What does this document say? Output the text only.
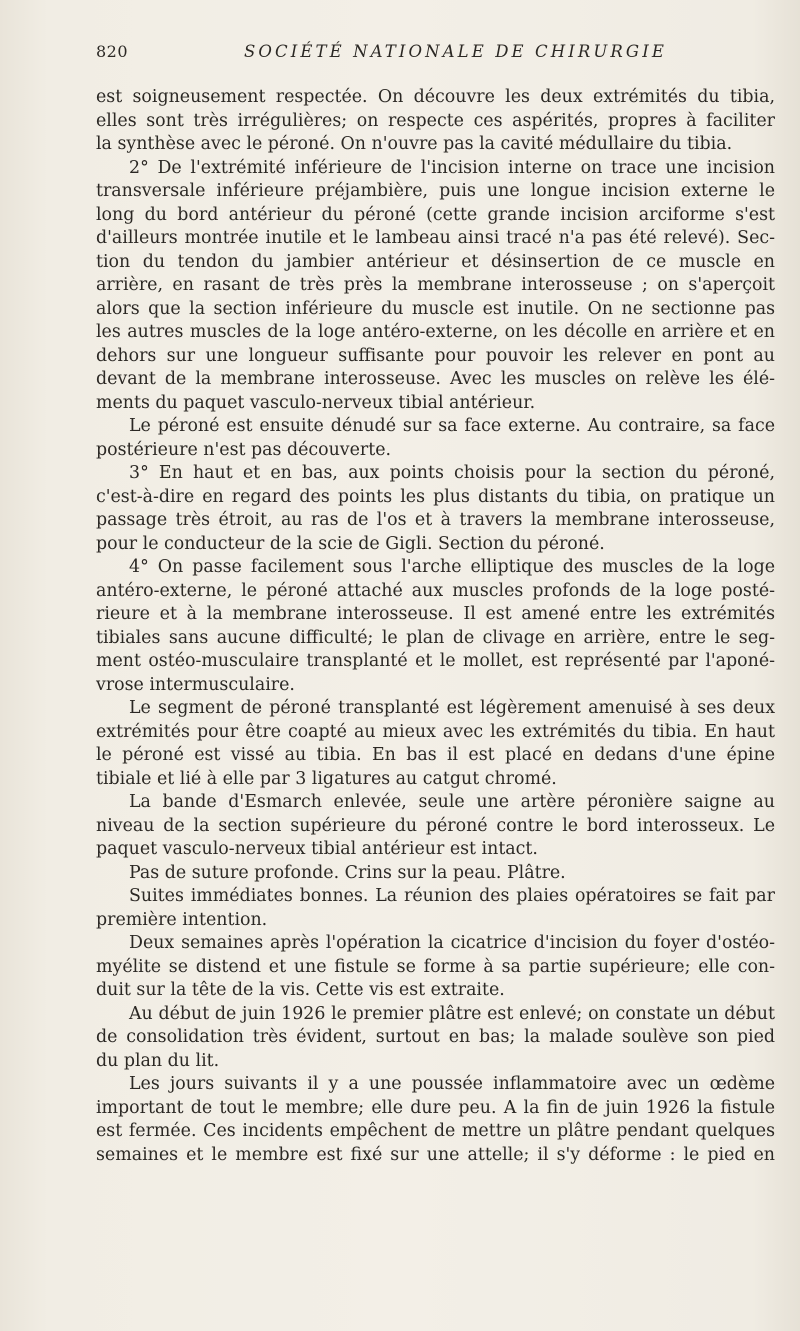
820	SOCIÉTÉ NATIONALE DE CHIRURGIE
est soigneusement respectée. On découvre les deux extrémités du tibia,
elles sont très irrégulières; on respecte ces aspérités, propres à faciliter
la synthèse avec le péroné. On n'ouvre pas la cavité médullaire du tibia.
2° De l'extrémité inférieure de l'incision interne on trace une incision
transversale inférieure préjambière, puis une longue incision externe le
long du bord antérieur du péroné (cette grande incision arciforme s'est
d'ailleurs montrée inutile et le lambeau ainsi tracé n'a pas été relevé). Sec-
tion du tendon du jambier antérieur et désinsertion de ce muscle en
arrière, en rasant de très près la membrane interosseuse ; on s'aperçoit
alors que la section inférieure du muscle est inutile. On ne sectionne pas
les autres muscles de la loge antéro-externe, on les décolle en arrière et en
dehors sur une longueur suffisante pour pouvoir les relever en pont au
devant de la membrane interosseuse. Avec les muscles on relève les élé-
ments du paquet vasculo-nerveux tibial antérieur.
Le péroné est ensuite dénudé sur sa face externe. Au contraire, sa face
postérieure n'est pas découverte.
3° En haut et en bas, aux points choisis pour la section du péroné,
c'est-à-dire en regard des points les plus distants du tibia, on pratique un
passage très étroit, au ras de l'os et à travers la membrane interosseuse,
pour le conducteur de la scie de Gigli. Section du péroné.
4° On passe facilement sous l'arche elliptique des muscles de la loge
antéro-externe, le péroné attaché aux muscles profonds de la loge posté-
rieure et à la membrane interosseuse. Il est amené entre les extrémités
tibiales sans aucune difficulté; le plan de clivage en arrière, entre le seg-
ment ostéo-musculaire transplanté et le mollet, est représenté par l'aponé-
vrose intermusculaire.
Le segment de péroné transplanté est légèrement amenuisé à ses deux
extrémités pour être coapté au mieux avec les extrémités du tibia. En haut
le péroné est vissé au tibia. En bas il est placé en dedans d'une épine
tibiale et lié à elle par 3 ligatures au catgut chromé.
La bande d'Esmarch enlevée, seule une artère péronière saigne au
niveau de la section supérieure du péroné contre le bord interosseux. Le
paquet vasculo-nerveux tibial antérieur est intact.
Pas de suture profonde. Crins sur la peau. Plâtre.
Suites immédiates bonnes. La réunion des plaies opératoires se fait par
première intention.
Deux semaines après l'opération la cicatrice d'incision du foyer d'ostéo-
myélite se distend et une fistule se forme à sa partie supérieure; elle con-
duit sur la tête de la vis. Cette vis est extraite.
Au début de juin 1926 le premier plâtre est enlevé; on constate un début
de consolidation très évident, surtout en bas; la malade soulève son pied
du plan du lit.
Les jours suivants il y a une poussée inflammatoire avec un œdème
important de tout le membre; elle dure peu. A la fin de juin 1926 la fistule
est fermée. Ces incidents empêchent de mettre un plâtre pendant quelques
semaines et le membre est fixé sur une attelle; il s'y déforme : le pied en
